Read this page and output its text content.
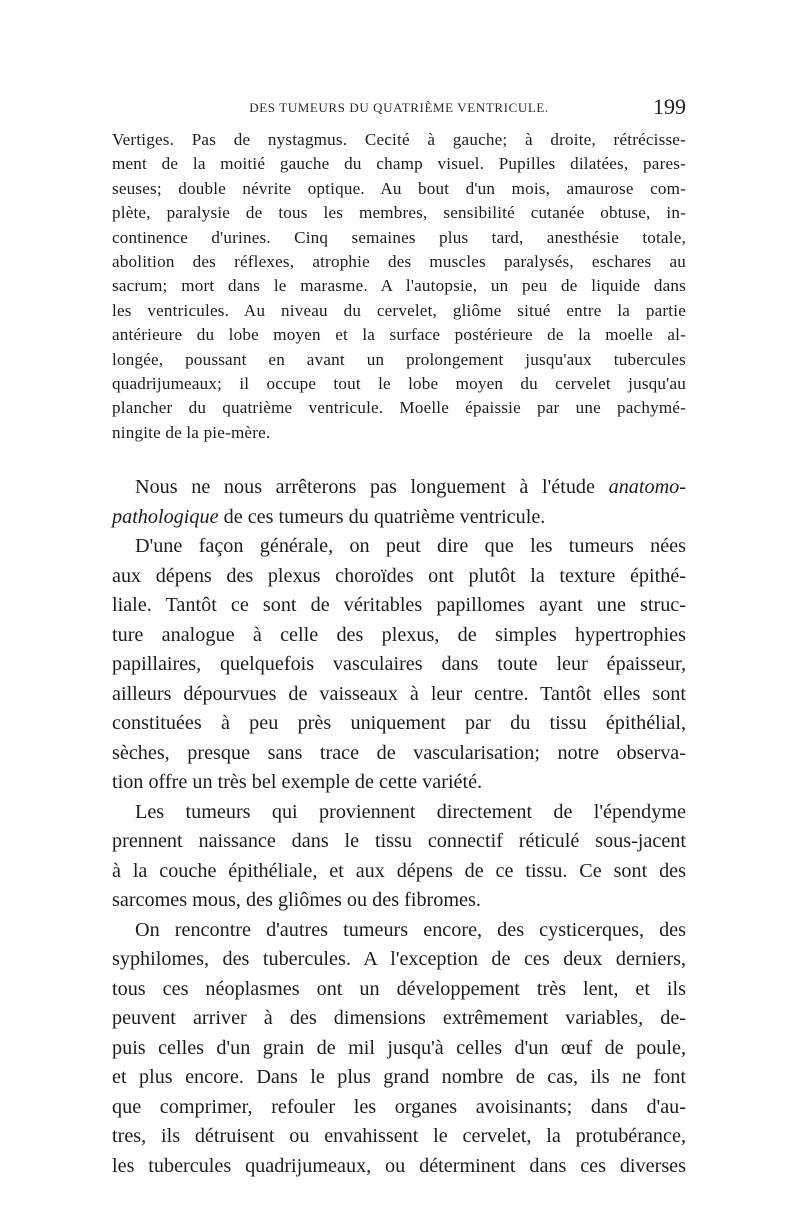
DES TUMEURS DU QUATRIÈME VENTRICULE.	199
Vertiges. Pas de nystagmus. Cecité à gauche; à droite, rétrécisse-
ment de la moitié gauche du champ visuel. Pupilles dilatées, pares-
seuses; double névrite optique. Au bout d'un mois, amaurose com-
plète, paralysie de tous les membres, sensibilité cutanée obtuse, in-
continence d'urines. Cinq semaines plus tard, anesthésie totale,
abolition des réflexes, atrophie des muscles paralysés, eschares au
sacrum; mort dans le marasme. A l'autopsie, un peu de liquide dans
les ventricules. Au niveau du cervelet, gliôme situé entre la partie
antérieure du lobe moyen et la surface postérieure de la moelle al-
longée, poussant en avant un prolongement jusqu'aux tubercules
quadrijumeaux; il occupe tout le lobe moyen du cervelet jusqu'au
plancher du quatrième ventricule. Moelle épaissie par une pachymé-
ningite de la pie-mère.
Nous ne nous arrêterons pas longuement à l'étude anatomo-
pathologique de ces tumeurs du quatrième ventricule.
D'une façon générale, on peut dire que les tumeurs nées
aux dépens des plexus choroïdes ont plutôt la texture épithé-
liale. Tantôt ce sont de véritables papillomes ayant une struc-
ture analogue à celle des plexus, de simples hypertrophies
papillaires, quelquefois vasculaires dans toute leur épaisseur,
ailleurs dépourvues de vaisseaux à leur centre. Tantôt elles sont
constituées à peu près uniquement par du tissu épithélial,
sèches, presque sans trace de vascularisation; notre observa-
tion offre un très bel exemple de cette variété.
Les tumeurs qui proviennent directement de l'épendyme
prennent naissance dans le tissu connectif réticulé sous-jacent
à la couche épithéliale, et aux dépens de ce tissu. Ce sont des
sarcomes mous, des gliômes ou des fibromes.
On rencontre d'autres tumeurs encore, des cysticerques, des
syphilomes, des tubercules. A l'exception de ces deux derniers,
tous ces néoplasmes ont un développement très lent, et ils
peuvent arriver à des dimensions extrêmement variables, de-
puis celles d'un grain de mil jusqu'à celles d'un œuf de poule,
et plus encore. Dans le plus grand nombre de cas, ils ne font
que comprimer, refouler les organes avoisinants; dans d'au-
tres, ils détruisent ou envahissent le cervelet, la protubérance,
les tubercules quadrijumeaux, ou déterminent dans ces diverses
